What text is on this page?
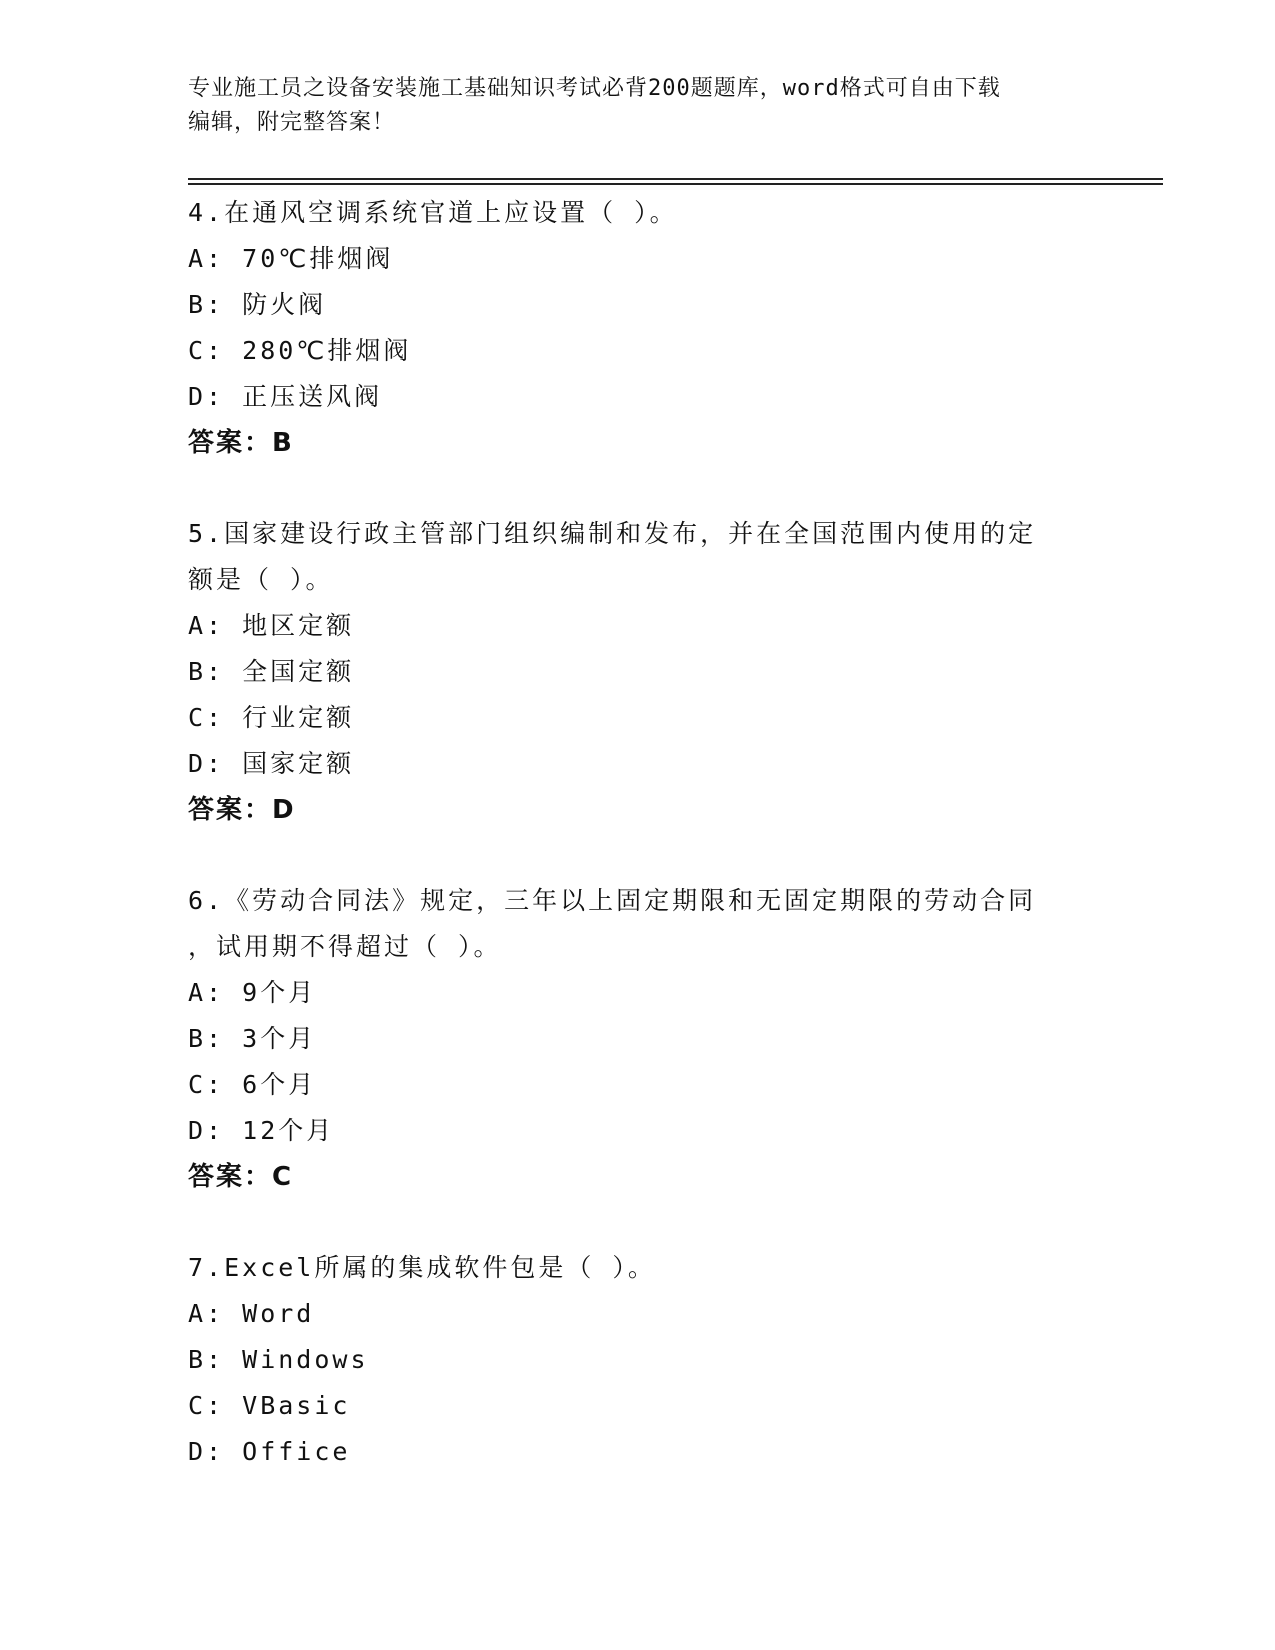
专业施工员之设备安装施工基础知识考试必背200题题库，word格式可自由下载
编辑，附完整答案！
4.在通风空调系统官道上应设置（ ）。
A: 70℃排烟阀
B: 防火阀
C: 280℃排烟阀
D: 正压送风阀
答案：B
5.国家建设行政主管部门组织编制和发布，并在全国范围内使用的定
额是（ ）。
A: 地区定额
B: 全国定额
C: 行业定额
D: 国家定额
答案：D
6.《劳动合同法》规定，三年以上固定期限和无固定期限的劳动合同
，试用期不得超过（ ）。
A: 9个月
B: 3个月
C: 6个月
D: 12个月
答案：C
7.Excel所属的集成软件包是（ ）。
A: Word
B: Windows
C: VBasic
D: Office
